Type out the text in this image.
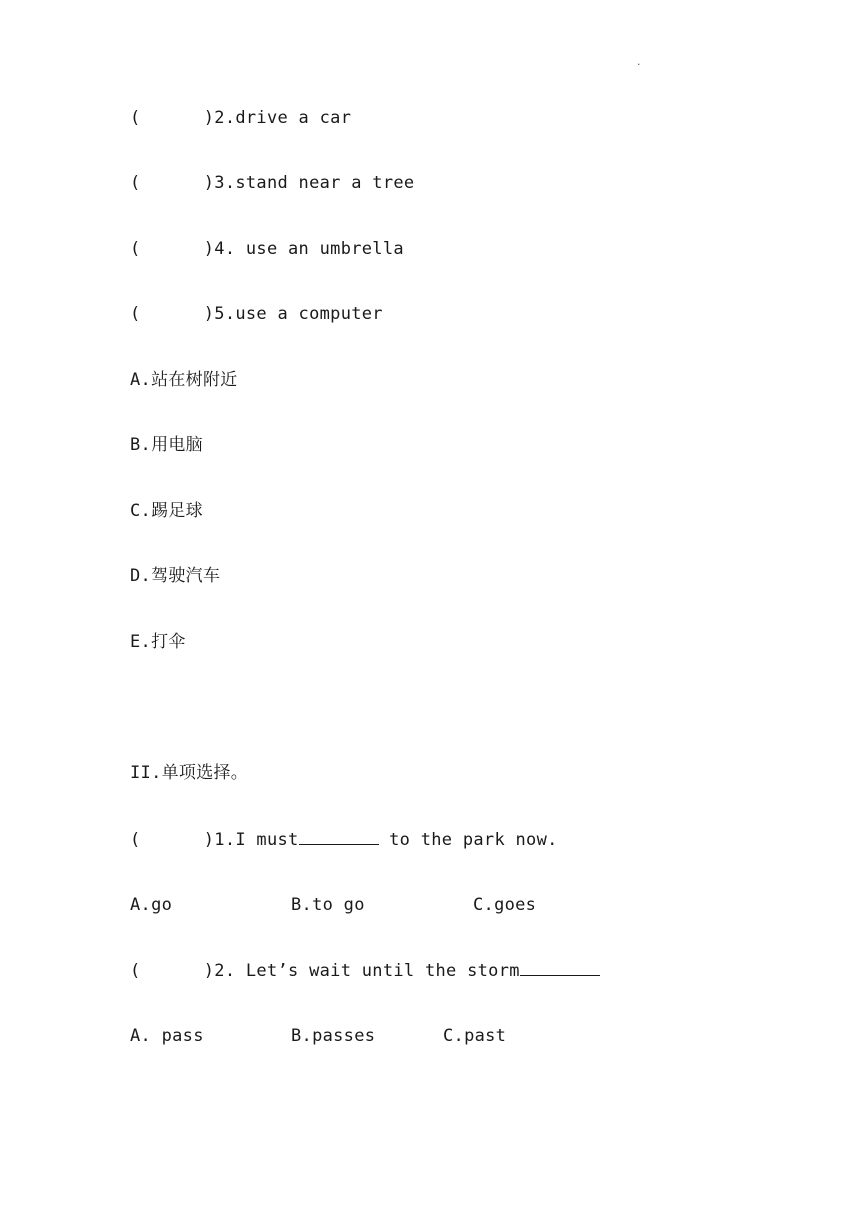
.
(      )2.drive a car
(      )3.stand near a tree
(      )4. use an umbrella
(      )5.use a computer
A.站在树附近
B.用电脑
C.踢足球
D.驾驶汽车
E.打伞
II.单项选择。
(      )1.I must	to the park now.
A.go	B.to go	C.goes
(      )2. Let’s wait until the storm
A. pass	B.passes	C.past
